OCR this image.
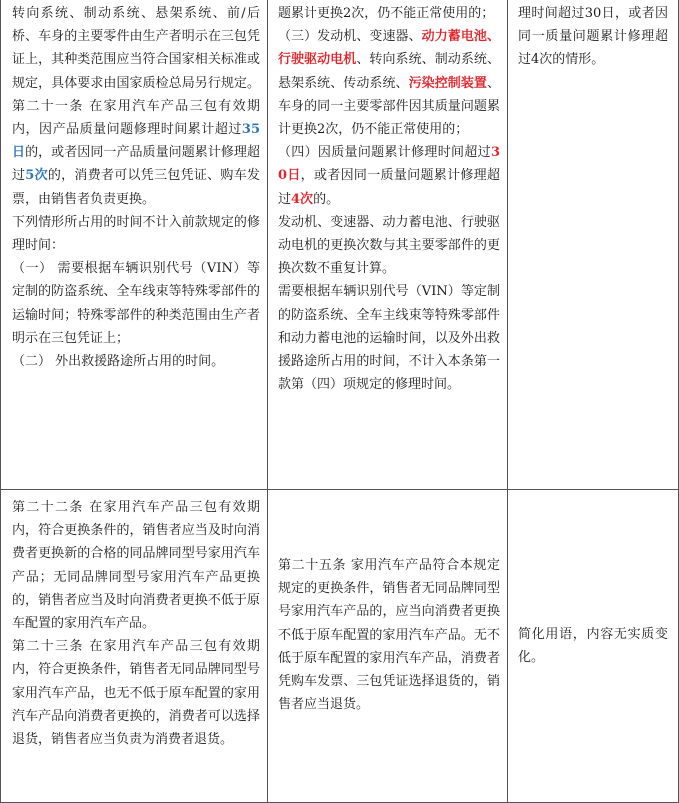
转向系统、制动系统、悬架系统、前/后桥、车身的主要零件由生产者明示在三包凭证上，其种类范围应当符合国家相关标准或规定，具体要求由国家质检总局另行规定。第二十一条 在家用汽车产品三包有效期内，因产品质量问题修理时间累计超过35日的，或者因同一产品质量问题累计修理超过5次的，消费者可以凭三包凭证、购车发票，由销售者负责更换。

下列情形所占用的时间不计入前款规定的修理时间：

（一） 需要根据车辆识别代号（VIN）等定制的防盗系统、全车线束等特殊零部件的运输时间；特殊零部件的种类范围由生产者明示在三包凭证上；

（二） 外出救援路途所占用的时间。

题累计更换2次，仍不能正常使用的；

（三）发动机、变速器、动力蓄电池、行驶驱动电机、转向系统、制动系统、悬架系统、传动系统、污染控制装置、车身的同一主要零部件因其质量问题累计更换2次，仍不能正常使用的；

（四）因质量问题累计修理时间超过30日，或者因同一质量问题累计修理超过4次的。

发动机、变速器、动力蓄电池、行驶驱动电机的更换次数与其主要零部件的更换次数不重复计算。

需要根据车辆识别代号（VIN）等定制的防盗系统、全车主线束等特殊零部件和动力蓄电池的运输时间，以及外出救援路途所占用的时间，不计入本条第一款第（四）项规定的修理时间。

理时间超过30日，或者因同一质量问题累计修理超过4次的情形。

第二十二条 在家用汽车产品三包有效期内，符合更换条件的，销售者应当及时向消费者更换新的合格的同品牌同型号家用汽车产品；无同品牌同型号家用汽车产品更换的，销售者应当及时向消费者更换不低于原车配置的家用汽车产品。

第二十三条 在家用汽车产品三包有效期内，符合更换条件，销售者无同品牌同型号家用汽车产品，也无不低于原车配置的家用汽车产品向消费者更换的，消费者可以选择退货，销售者应当负责为消费者退货。

第二十五条 家用汽车产品符合本规定规定的更换条件，销售者无同品牌同型号家用汽车产品的，应当向消费者更换不低于原车配置的家用汽车产品。无不低于原车配置的家用汽车产品，消费者凭购车发票、三包凭证选择退货的，销售者应当退货。

简化用语，内容无实质变化。
